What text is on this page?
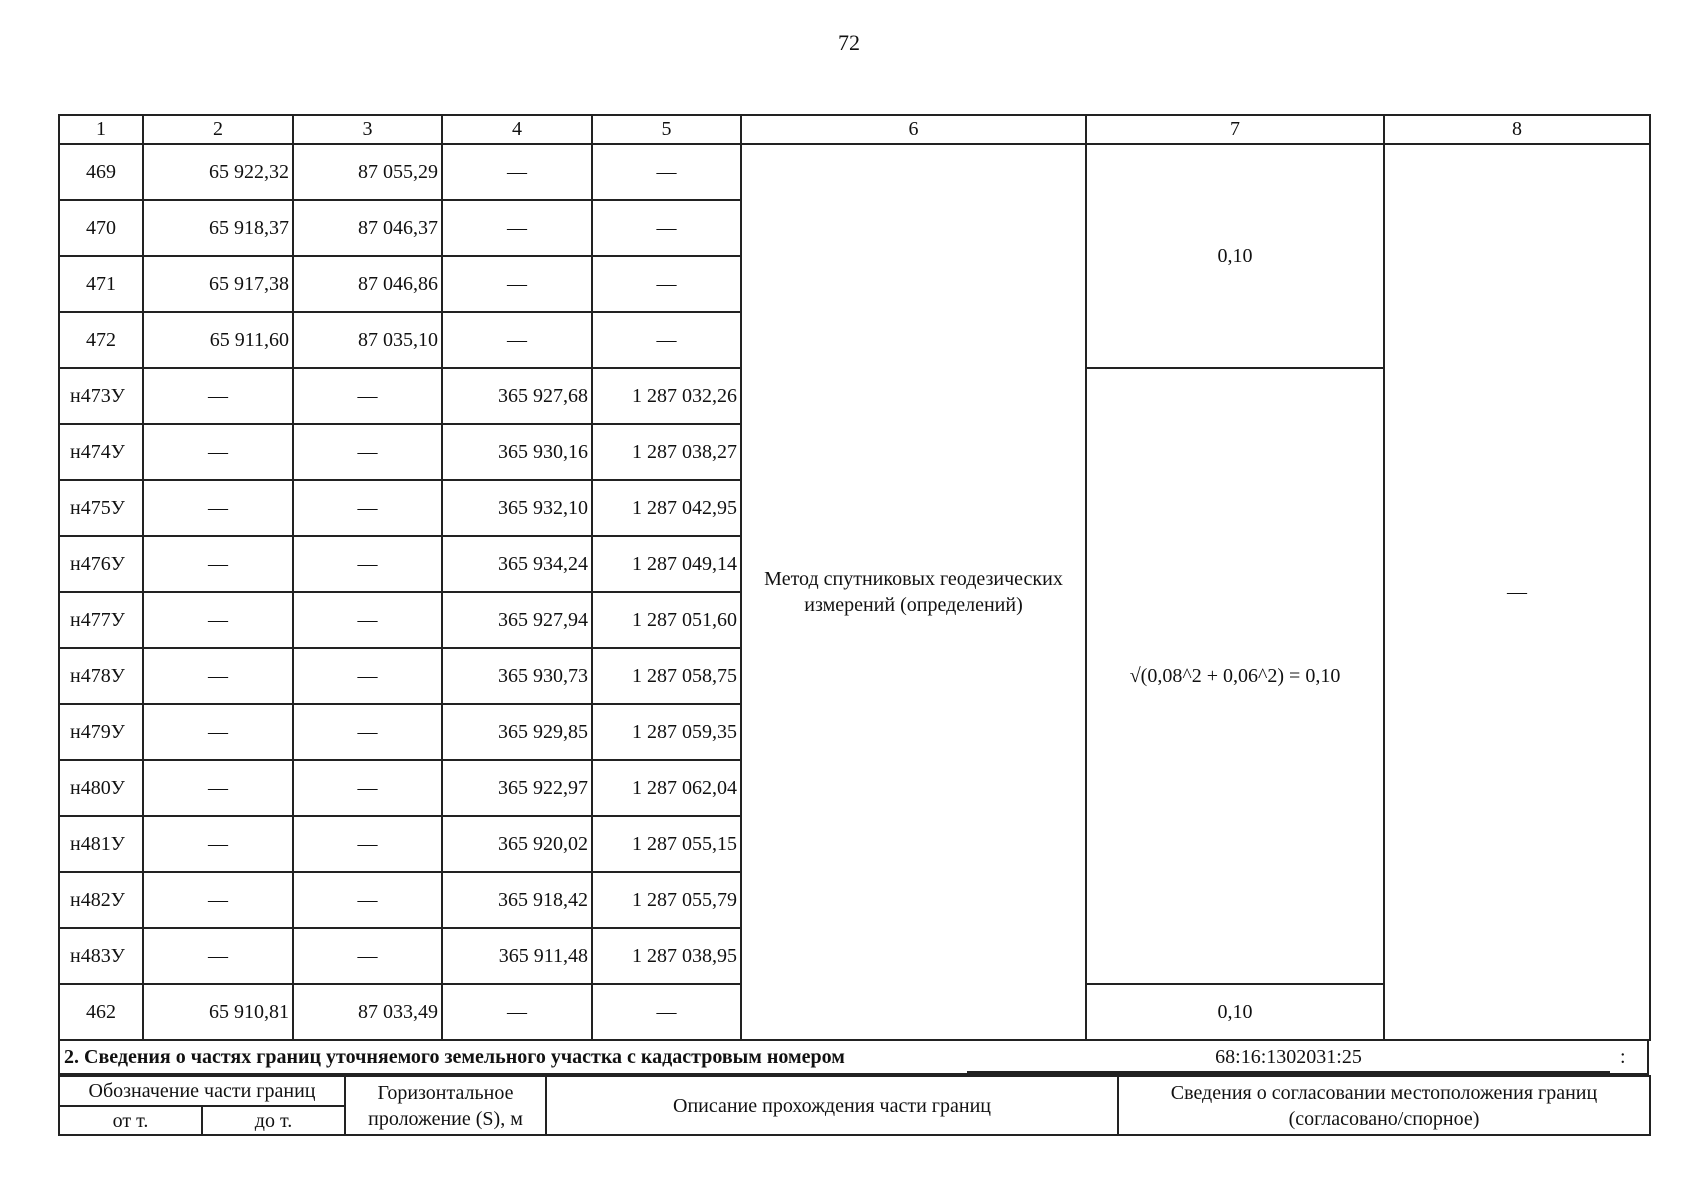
72
1	2	3	4	5	6	7	8
469	65 922,32	87 055,29	—	—	Метод спутниковых геодезических измерений (определений)	0,10	—
470	65 918,37	87 046,37	—	—			
471	65 917,38	87 046,86	—	—			
472	65 911,60	87 035,10	—	—			
н473У	—	—	365 927,68	1 287 032,26		√(0,08^2 + 0,06^2) = 0,10	
н474У	—	—	365 930,16	1 287 038,27			
н475У	—	—	365 932,10	1 287 042,95			
н476У	—	—	365 934,24	1 287 049,14			
н477У	—	—	365 927,94	1 287 051,60			
н478У	—	—	365 930,73	1 287 058,75			
н479У	—	—	365 929,85	1 287 059,35			
н480У	—	—	365 922,97	1 287 062,04			
н481У	—	—	365 920,02	1 287 055,15			
н482У	—	—	365 918,42	1 287 055,79			
н483У	—	—	365 911,48	1 287 038,95			
462	65 910,81	87 033,49	—	—		0,10	
2. Сведения о частях границ уточняемого земельного участка с кадастровым номером	68:16:1302031:25	:
Обозначение части границ		Горизонтальное проложение (S), м	Описание прохождения части границ	Сведения о согласовании местоположения границ (согласовано/спорное)
от т.	до т.			
